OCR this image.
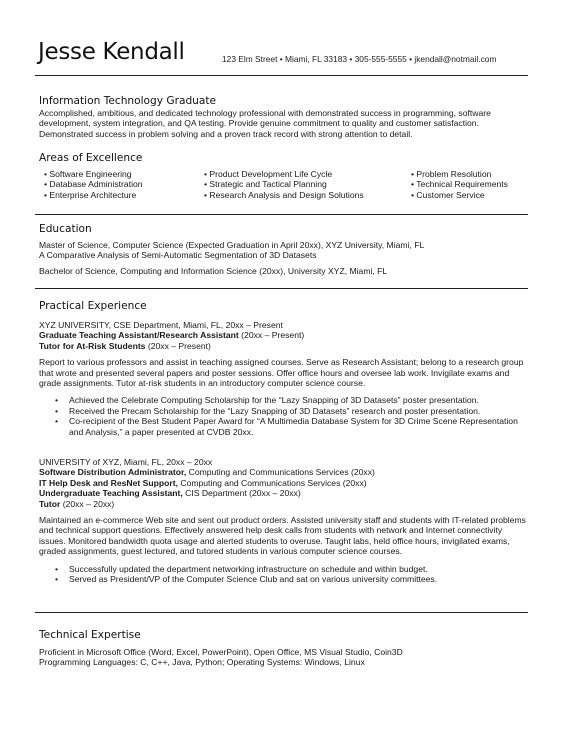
Jesse Kendall	123 Elm Street • Miami, FL 33183 • 305-555-5555 • jkendall@notmail.com
Information Technology Graduate

Accomplished, ambitious, and dedicated technology professional with demonstrated success in programming, software development, system integration, and QA testing. Provide genuine commitment to quality and customer satisfaction. Demonstrated success in problem solving and a proven track record with strong attention to detail.

Areas of Excellence
• Software Engineering
• Database Administration
• Enterprise Architecture
• Product Development Life Cycle
• Strategic and Tactical Planning
• Research Analysis and Design Solutions
• Problem Resolution
• Technical Requirements
• Customer Service
Education

Master of Science, Computer Science (Expected Graduation in April 20xx), XYZ University, Miami, FL

A Comparative Analysis of Semi-Automatic Segmentation of 3D Datasets

Bachelor of Science, Computing and Information Science (20xx), University XYZ, Miami, FL

Practical Experience

XYZ UNIVERSITY, CSE Department, Miami, FL, 20xx – Present

Graduate Teaching Assistant/Research Assistant (20xx – Present)

Tutor for At-Risk Students (20xx – Present)

Report to various professors and assist in teaching assigned courses. Serve as Research Assistant; belong to a research group that wrote and presented several papers and poster sessions. Offer office hours and oversee lab work. Invigilate exams and grade assignments. Tutor at-risk students in an introductory computer science course.

• Achieved the Celebrate Computing Scholarship for the “Lazy Snapping of 3D Datasets” poster presentation.
• Received the Precam Scholarship for the “Lazy Snapping of 3D Datasets” research and poster presentation.
• Co-recipient of the Best Student Paper Award for “A Multimedia Database System for 3D Crime Scene Representation and Analysis,” a paper presented at CVDB 20xx.

UNIVERSITY of XYZ, Miami, FL, 20xx – 20xx

Software Distribution Administrator, Computing and Communications Services (20xx)

IT Help Desk and ResNet Support, Computing and Communications Services (20xx)

Undergraduate Teaching Assistant, CIS Department (20xx – 20xx)

Tutor (20xx – 20xx)

Maintained an e-commerce Web site and sent out product orders. Assisted university staff and students with IT-related problems and technical support questions. Effectively answered help desk calls from students with network and Internet connectivity issues. Monitored bandwidth quota usage and alerted students to overuse. Taught labs, held office hours, invigilated exams, graded assignments, guest lectured, and tutored students in various computer science courses.

• Successfully updated the department networking infrastructure on schedule and within budget.
• Served as President/VP of the Computer Science Club and sat on various university committees.
Technical Expertise

Proficient in Microsoft Office (Word, Excel, PowerPoint), Open Office, MS Visual Studio, Coin3D

Programming Languages: C, C++, Java, Python; Operating Systems: Windows, Linux
